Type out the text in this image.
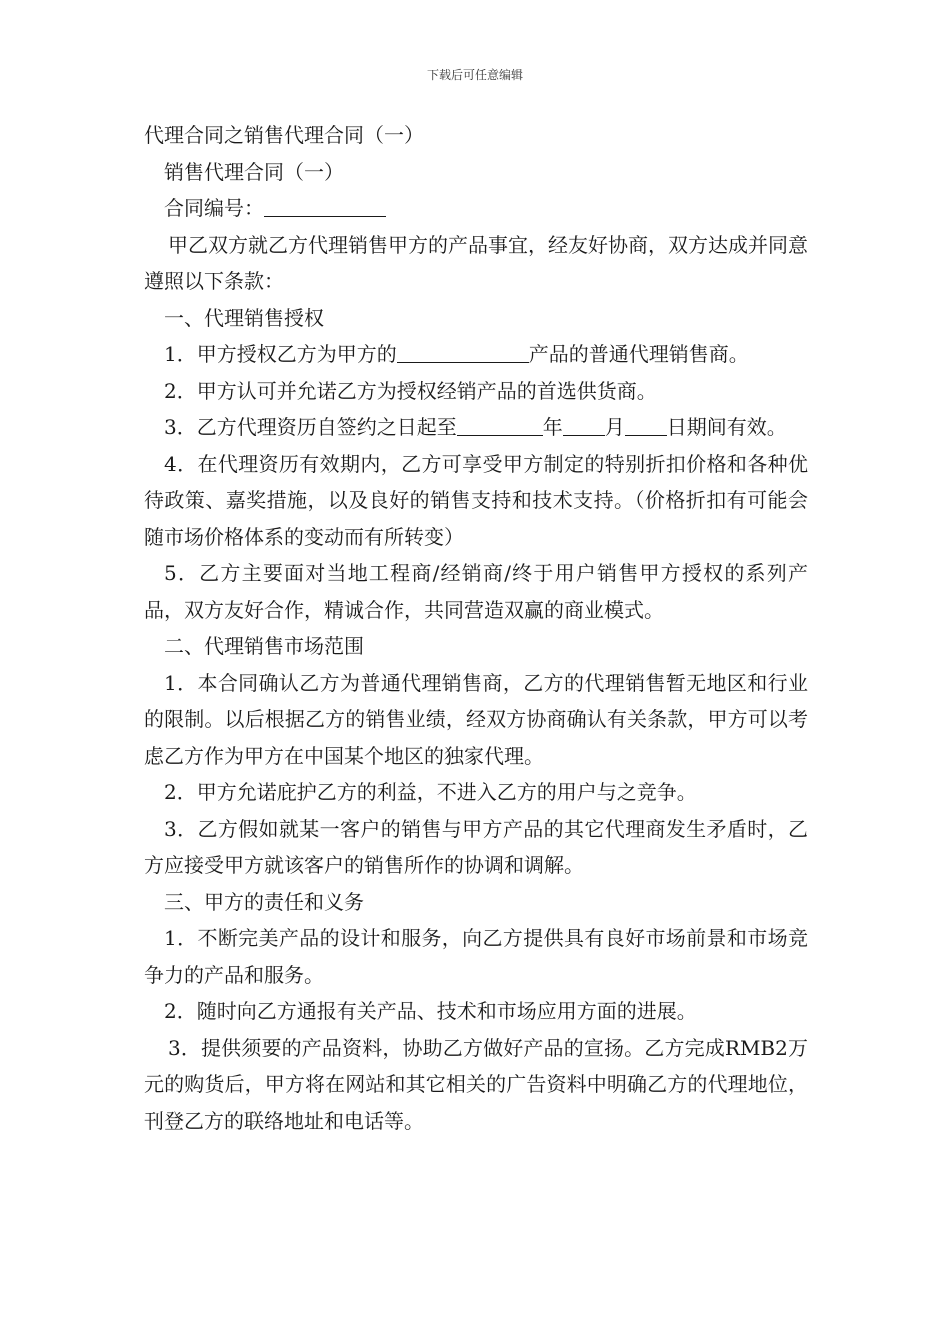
下载后可任意编辑

代理合同之销售代理合同（一）

销售代理合同（一）

合同编号：

甲乙双方就乙方代理销售甲方的产品事宜，经友好协商，双方达成并同意遵照以下条款：

一、代理销售授权

1．甲方授权乙方为甲方的	产品的普通代理销售商。

2．甲方认可并允诺乙方为授权经销产品的首选供货商。

3．乙方代理资历自签约之日起至	年 月 日期间有效。

4．在代理资历有效期内，乙方可享受甲方制定的特别折扣价格和各种优待政策、嘉奖措施，以及良好的销售支持和技术支持。（价格折扣有可能会随市场价格体系的变动而有所转变）

5．乙方主要面对当地工程商/经销商/终于用户销售甲方授权的系列产品，双方友好合作，精诚合作，共同营造双赢的商业模式。

二、代理销售市场范围

1．本合同确认乙方为普通代理销售商，乙方的代理销售暂无地区和行业的限制。以后根据乙方的销售业绩，经双方协商确认有关条款，甲方可以考虑乙方作为甲方在中国某个地区的独家代理。

2．甲方允诺庇护乙方的利益，不进入乙方的用户与之竞争。

3．乙方假如就某一客户的销售与甲方产品的其它代理商发生矛盾时，乙方应接受甲方就该客户的销售所作的协调和调解。

三、甲方的责任和义务

1．不断完美产品的设计和服务，向乙方提供具有良好市场前景和市场竞争力的产品和服务。

2．随时向乙方通报有关产品、技术和市场应用方面的进展。

3．提供须要的产品资料，协助乙方做好产品的宣扬。乙方完成RMB2万元的购货后，甲方将在网站和其它相关的广告资料中明确乙方的代理地位，刊登乙方的联络地址和电话等。
